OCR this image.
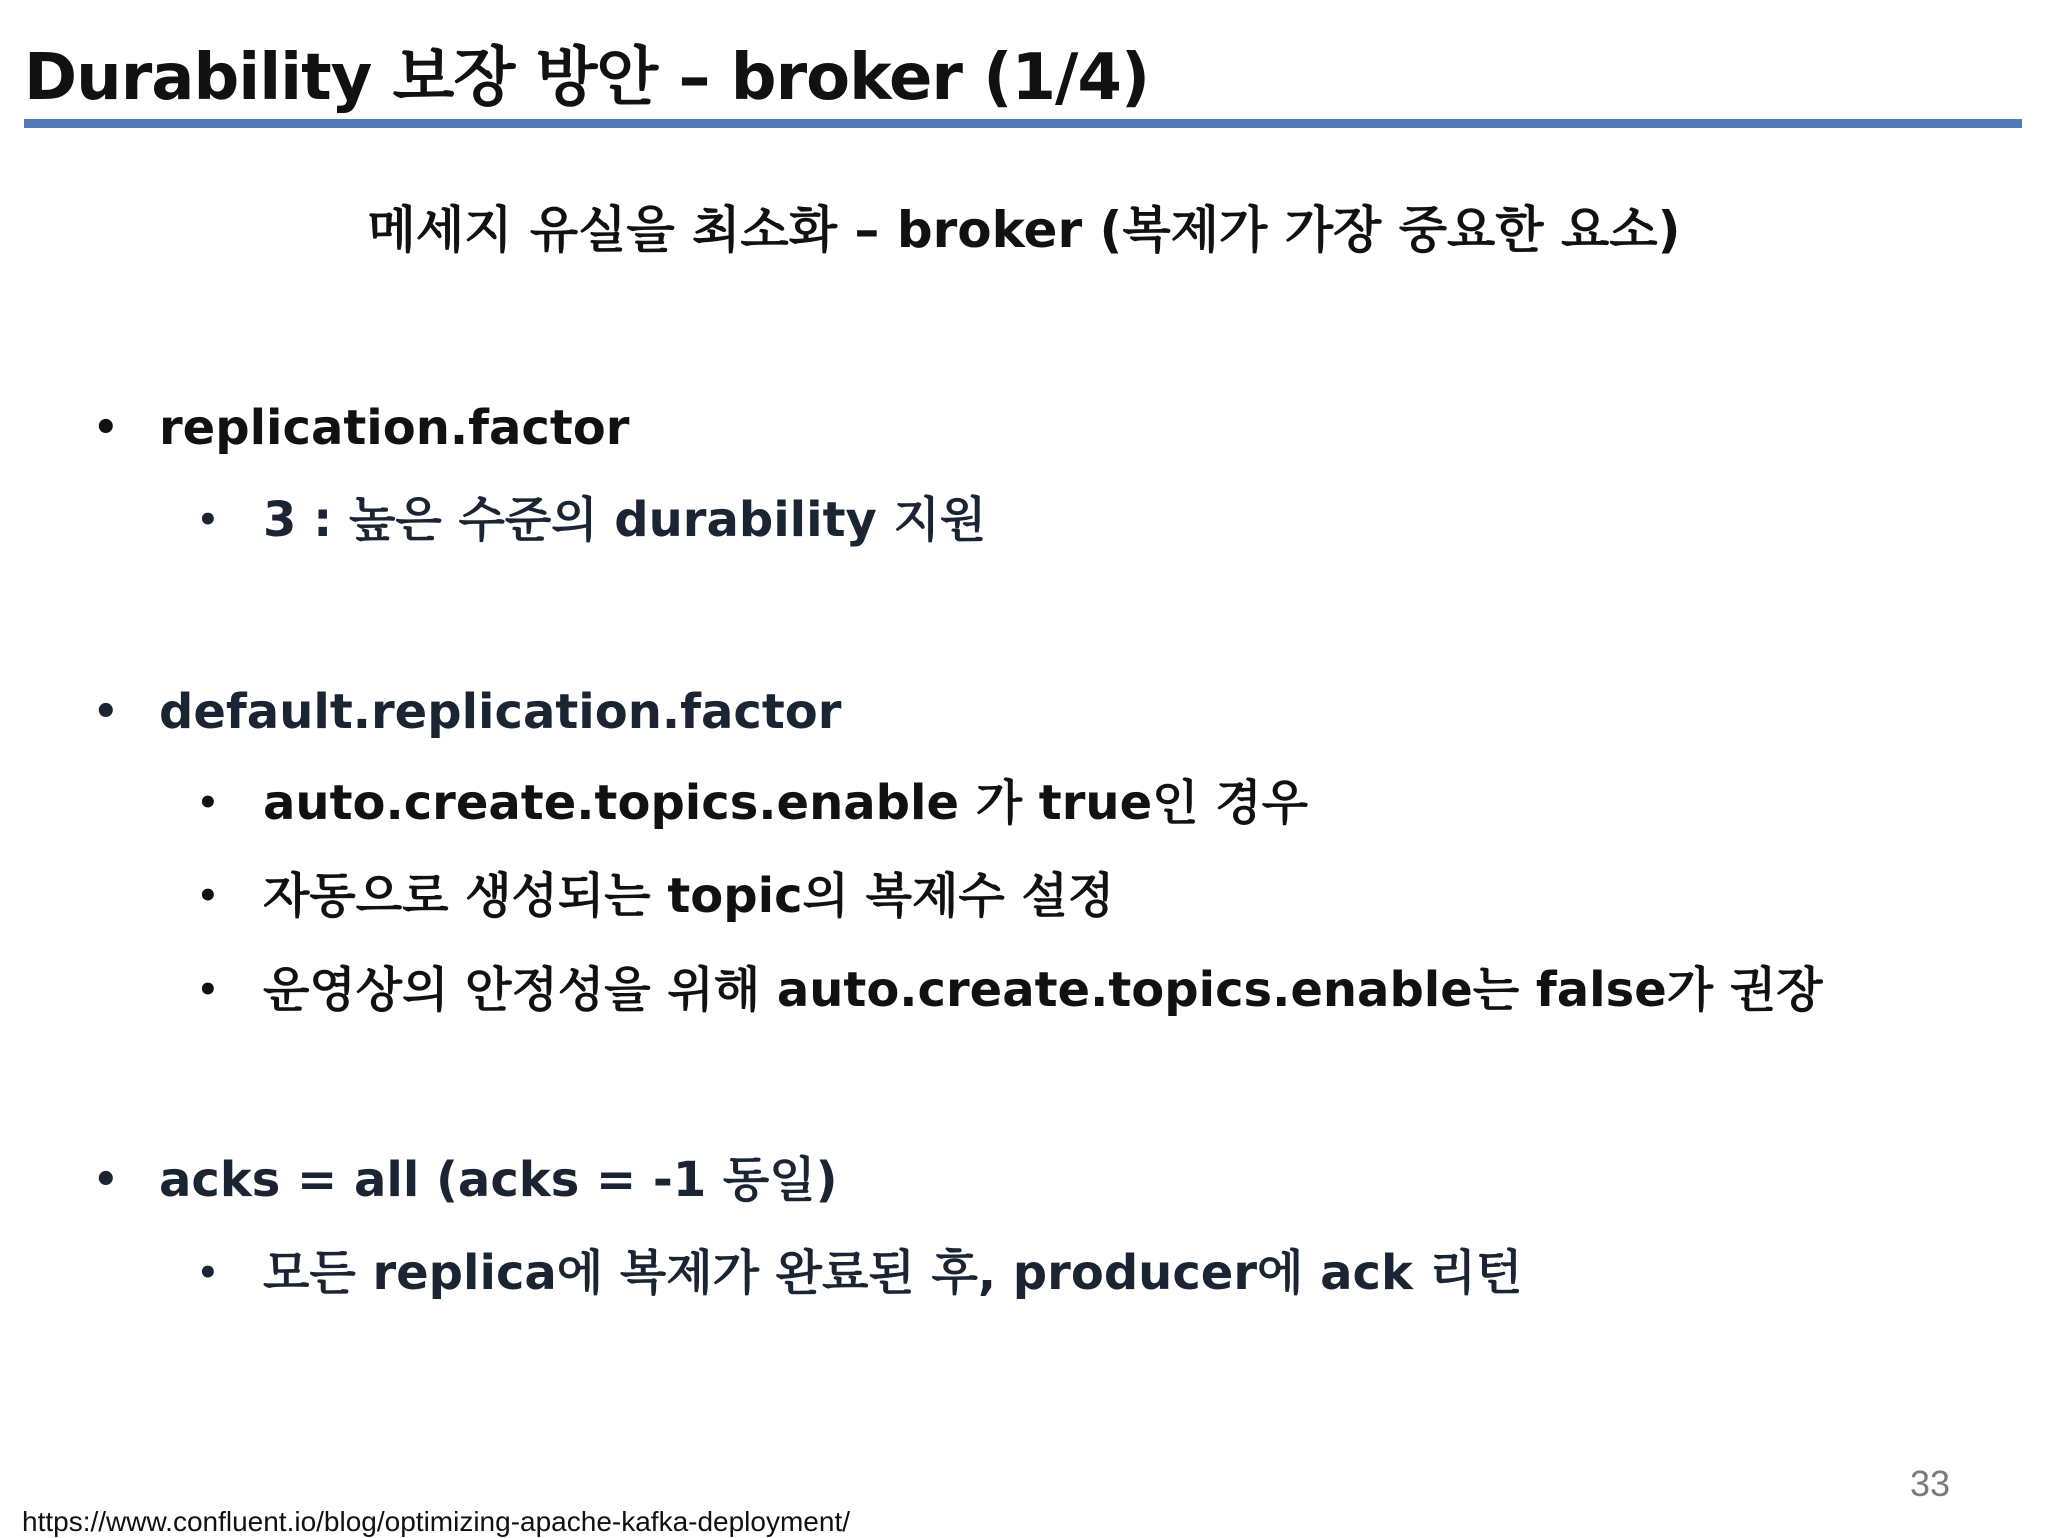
Durability 보장 방안 – broker (1/4)
메세지 유실을 최소화 – broker (복제가 가장 중요한 요소)
• replication.factor
• 3 : 높은 수준의 durability 지원
• default.replication.factor
• auto.create.topics.enable 가 true인 경우
• 자동으로 생성되는 topic의 복제수 설정
• 운영상의 안정성을 위해 auto.create.topics.enable는 false가 권장
• acks = all (acks = -1 동일)
• 모든 replica에 복제가 완료된 후, producer에 ack 리턴
33
https://www.confluent.io/blog/optimizing-apache-kafka-deployment/
